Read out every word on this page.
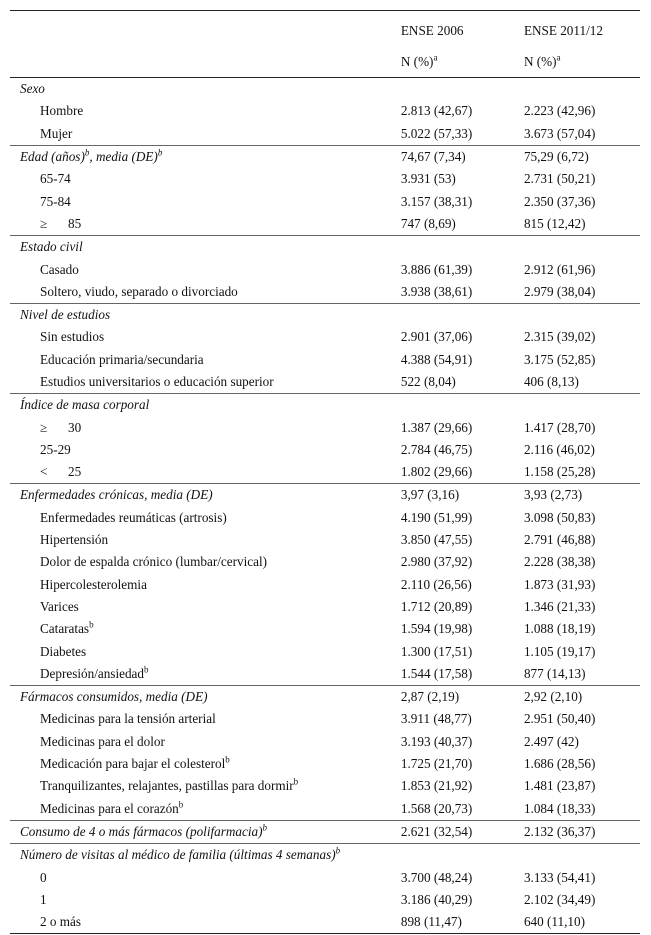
	ENSE 2006	ENSE 2011/12
	N (%)$^a$	N (%)$^a$
Sexo		
Hombre	2.813 (42,67)	2.223 (42,96)
Mujer	5.022 (57,33)	3.673 (57,04)
Edad (años)$^b$, media (DE)$^b$	74,67 (7,34)	75,29 (6,72)
65-74	3.931 (53)	2.731 (50,21)
75-84	3.157 (38,31)	2.350 (37,36)
≥ 85	747 (8,69)	815 (12,42)
Estado civil		
Casado	3.886 (61,39)	2.912 (61,96)
Soltero, viudo, separado o divorciado	3.938 (38,61)	2.979 (38,04)
Nivel de estudios		
Sin estudios	2.901 (37,06)	2.315 (39,02)
Educación primaria/secundaria	4.388 (54,91)	3.175 (52,85)
Estudios universitarios o educación superior	522 (8,04)	406 (8,13)
Índice de masa corporal		
≥ 30	1.387 (29,66)	1.417 (28,70)
25-29	2.784 (46,75)	2.116 (46,02)
< 25	1.802 (29,66)	1.158 (25,28)
Enfermedades crónicas, media (DE)	3,97 (3,16)	3,93 (2,73)
Enfermedades reumáticas (artrosis)	4.190 (51,99)	3.098 (50,83)
Hipertensión	3.850 (47,55)	2.791 (46,88)
Dolor de espalda crónico (lumbar/cervical)	2.980 (37,92)	2.228 (38,38)
Hipercolesterolemia	2.110 (26,56)	1.873 (31,93)
Varices	1.712 (20,89)	1.346 (21,33)
Cataratas$^b$	1.594 (19,98)	1.088 (18,19)
Diabetes	1.300 (17,51)	1.105 (19,17)
Depresión/ansiedad$^b$	1.544 (17,58)	877 (14,13)
Fármacos consumidos, media (DE)	2,87 (2,19)	2,92 (2,10)
Medicinas para la tensión arterial	3.911 (48,77)	2.951 (50,40)
Medicinas para el dolor	3.193 (40,37)	2.497 (42)
Medicación para bajar el colesterol$^b$	1.725 (21,70)	1.686 (28,56)
Tranquilizantes, relajantes, pastillas para dormir$^b$	1.853 (21,92)	1.481 (23,87)
Medicinas para el corazón$^b$	1.568 (20,73)	1.084 (18,33)
Consumo de 4 o más fármacos (polifarmacia)$^b$	2.621 (32,54)	2.132 (36,37)
Número de visitas al médico de familia (últimas 4 semanas)$^b$		
0	3.700 (48,24)	3.133 (54,41)
1	3.186 (40,29)	2.102 (34,49)
2 o más	898 (11,47)	640 (11,10)
